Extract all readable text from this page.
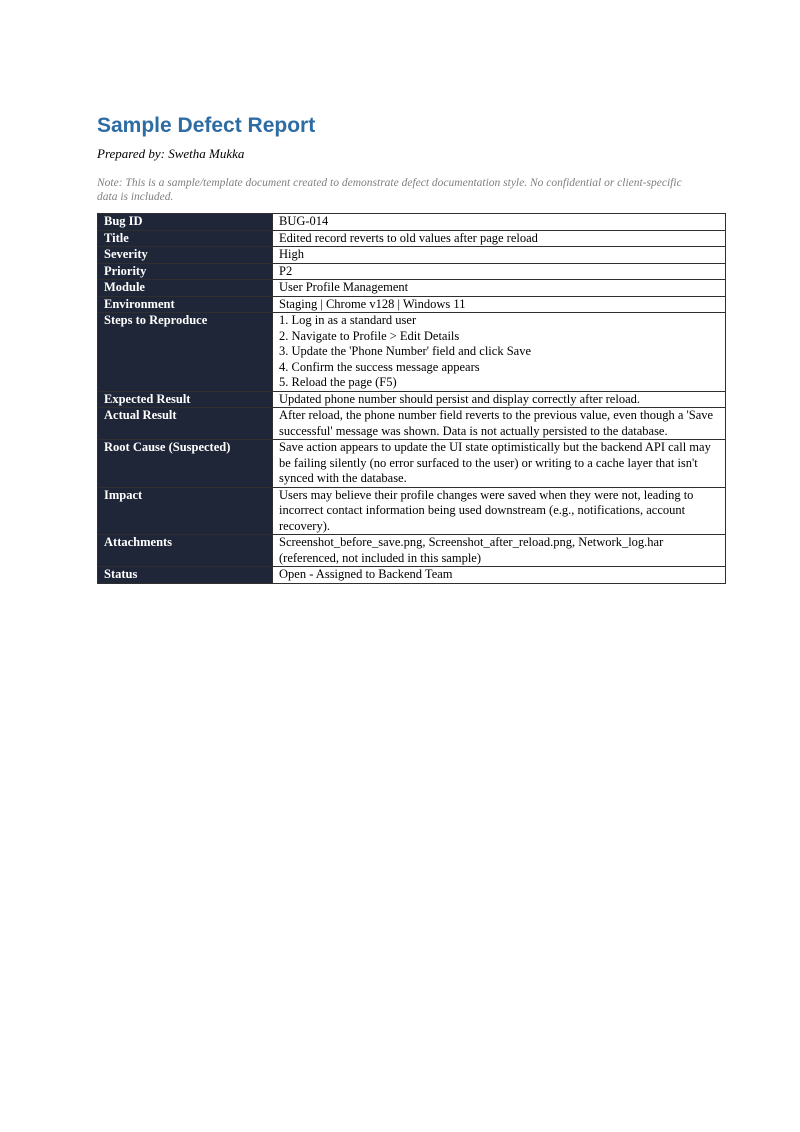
Sample Defect Report
Prepared by: Swetha Mukka
Note: This is a sample/template document created to demonstrate defect documentation style. No confidential or client-specific data is included.
Bug ID	BUG-014
Title	Edited record reverts to old values after page reload
Severity	High
Priority	P2
Module	User Profile Management
Environment	Staging | Chrome v128 | Windows 11
Steps to Reproduce	1. Log in as a standard user
2. Navigate to Profile > Edit Details
3. Update the 'Phone Number' field and click Save
4. Confirm the success message appears
5. Reload the page (F5)

Expected Result	Updated phone number should persist and display correctly after reload.
Actual Result	After reload, the phone number field reverts to the previous value, even though a 'Save successful' message was shown. Data is not actually persisted to the database.
Root Cause (Suspected)	Save action appears to update the UI state optimistically but the backend API call may be failing silently (no error surfaced to the user) or writing to a cache layer that isn't synced with the database.
Impact	Users may believe their profile changes were saved when they were not, leading to incorrect contact information being used downstream (e.g., notifications, account recovery).
Attachments	Screenshot_before_save.png, Screenshot_after_reload.png, Network_log.har (referenced, not included in this sample)
Status	Open - Assigned to Backend Team
